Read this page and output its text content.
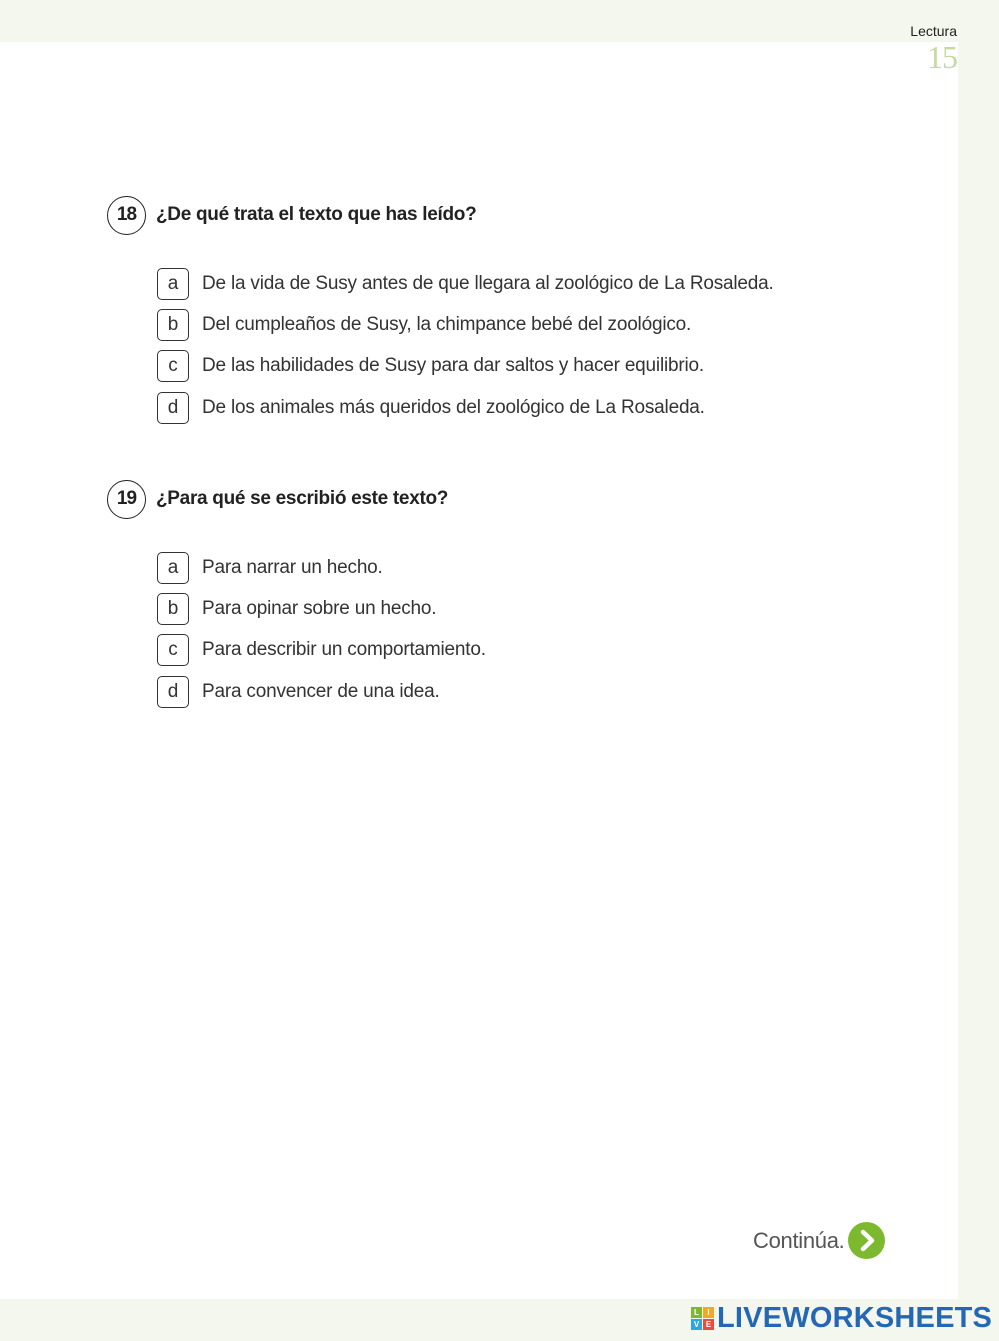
Lectura
15
18	¿De qué trata el texto que has leído?
a	De la vida de Susy antes de que llegara al zoológico de La Rosaleda.
b	Del cumpleaños de Susy, la chimpance bebé del zoológico.
c	De las habilidades de Susy para dar saltos y hacer equilibrio.
d	De los animales más queridos del zoológico de La Rosaleda.
19	¿Para qué se escribió este texto?
a	Para narrar un hecho.
b	Para opinar sobre un hecho.
c	Para describir un comportamiento.
d	Para convencer de una idea.
Continúa.
L	I
V E LIVEWORKSHEETS
